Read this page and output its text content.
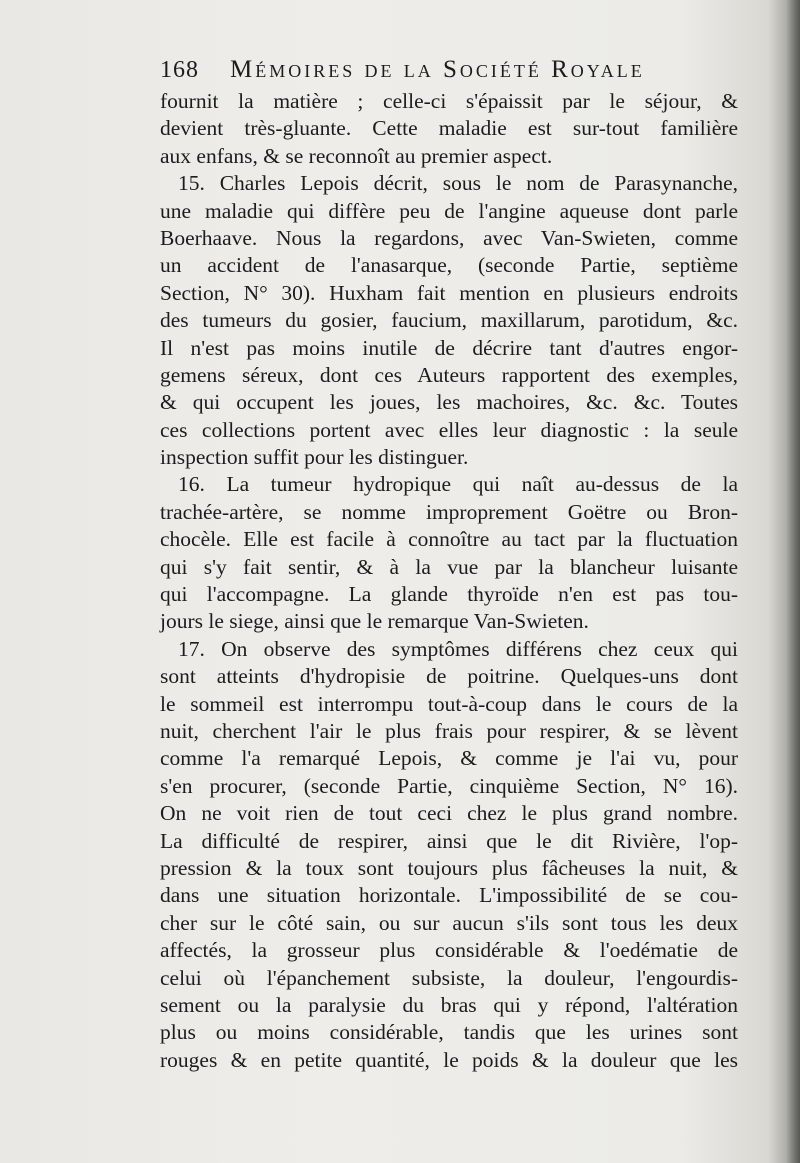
168	Mémoires de la Société Royale
fournit la matière ; celle-ci s'épaissit par le séjour, &
devient très-gluante. Cette maladie est sur-tout familière
aux enfans, & se reconnoît au premier aspect.
15. Charles Lepois décrit, sous le nom de Parasynanche,
une maladie qui diffère peu de l'angine aqueuse dont parle
Boerhaave. Nous la regardons, avec Van-Swieten, comme
un accident de l'anasarque, (seconde Partie, septième
Section, N° 30). Huxham fait mention en plusieurs endroits
des tumeurs du gosier, faucium, maxillarum, parotidum, &c.
Il n'est pas moins inutile de décrire tant d'autres engor-
gemens séreux, dont ces Auteurs rapportent des exemples,
& qui occupent les joues, les machoires, &c. &c. Toutes
ces collections portent avec elles leur diagnostic : la seule
inspection suffit pour les distinguer.
16. La tumeur hydropique qui naît au-dessus de la
trachée-artère, se nomme improprement Goëtre ou Bron-
chocèle. Elle est facile à connoître au tact par la fluctuation
qui s'y fait sentir, & à la vue par la blancheur luisante
qui l'accompagne. La glande thyroïde n'en est pas tou-
jours le siege, ainsi que le remarque Van-Swieten.
17. On observe des symptômes différens chez ceux qui
sont atteints d'hydropisie de poitrine. Quelques-uns dont
le sommeil est interrompu tout-à-coup dans le cours de la
nuit, cherchent l'air le plus frais pour respirer, & se lèvent
comme l'a remarqué Lepois, & comme je l'ai vu, pour
s'en procurer, (seconde Partie, cinquième Section, N° 16).
On ne voit rien de tout ceci chez le plus grand nombre.
La difficulté de respirer, ainsi que le dit Rivière, l'op-
pression & la toux sont toujours plus fâcheuses la nuit, &
dans une situation horizontale. L'impossibilité de se cou-
cher sur le côté sain, ou sur aucun s'ils sont tous les deux
affectés, la grosseur plus considérable & l'oedématie de
celui où l'épanchement subsiste, la douleur, l'engourdis-
sement ou la paralysie du bras qui y répond, l'altération
plus ou moins considérable, tandis que les urines sont
rouges & en petite quantité, le poids & la douleur que les
